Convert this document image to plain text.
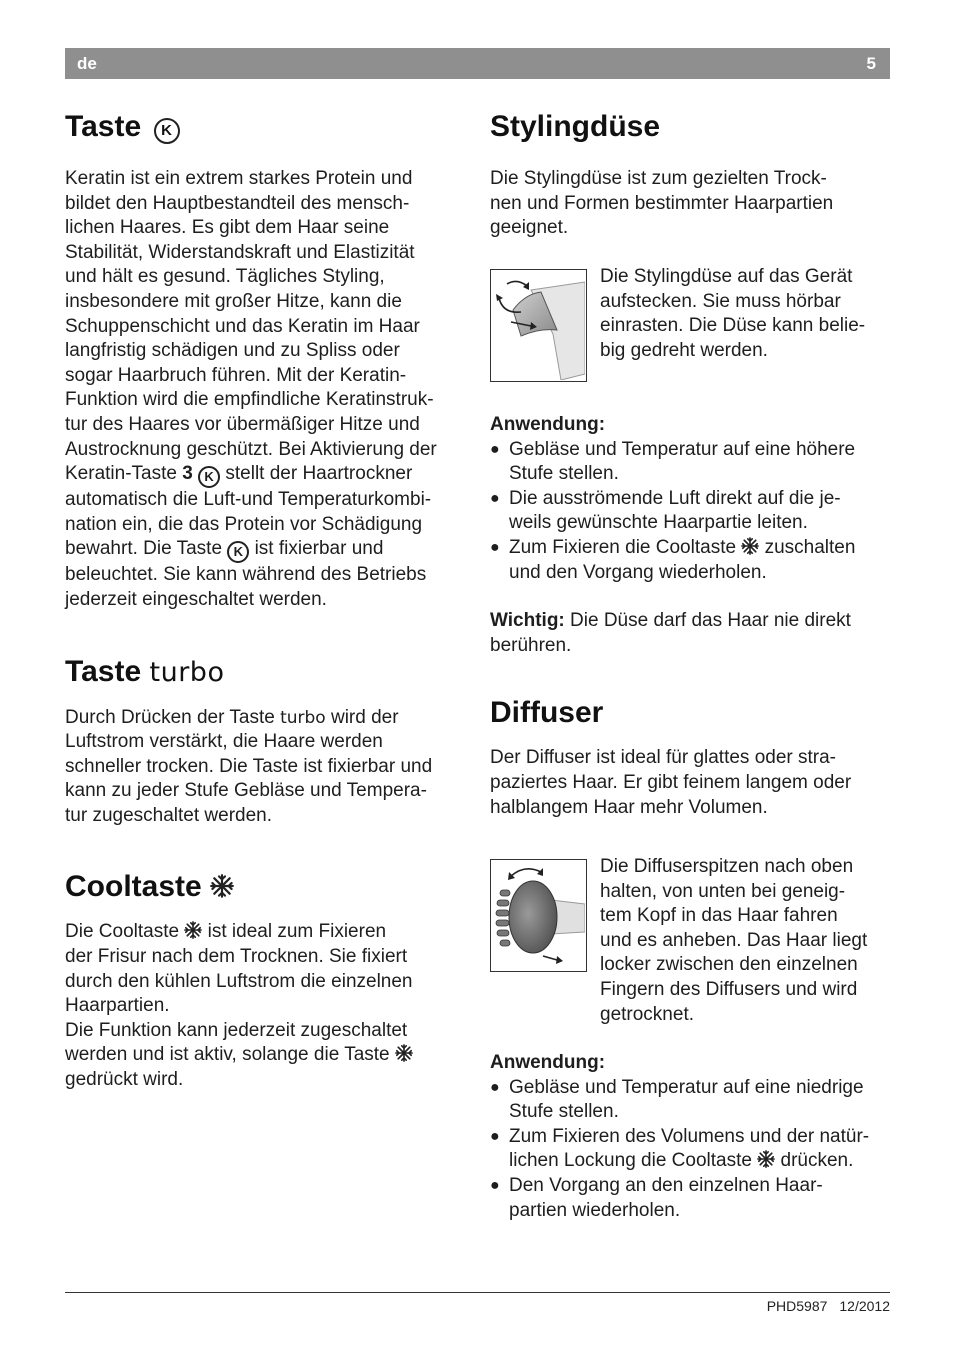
de	5
Taste K

Keratin ist ein extrem starkes Protein und
bildet den Hauptbestandteil des mensch-
lichen Haares. Es gibt dem Haar seine
Stabilität, Widerstandskraft und Elastizität
und hält es gesund. Tägliches Styling,
insbesondere mit großer Hitze, kann die
Schuppenschicht und das Keratin im Haar
langfristig schädigen und zu Spliss oder
sogar Haarbruch führen. Mit der Keratin-
Funktion wird die empfindliche Keratinstruk-
tur des Haares vor übermäßiger Hitze und
Austrocknung geschützt. Bei Aktivierung der
Keratin-Taste 3 K stellt der Haartrockner
automatisch die Luft-und Temperaturkombi-
nation ein, die das Protein vor Schädigung
bewahrt. Die Taste K ist fixierbar und
beleuchtet. Sie kann während des Betriebs
jederzeit eingeschaltet werden.

Taste turbo

Durch Drücken der Taste turbo wird der
Luftstrom verstärkt, die Haare werden
schneller trocken. Die Taste ist fixierbar und
kann zu jeder Stufe Gebläse und Tempera-
tur zugeschaltet werden.

Cooltaste

Die Cooltaste  ist ideal zum Fixieren
der Frisur nach dem Trocknen. Sie fixiert
durch den kühlen Luftstrom die einzelnen
Haarpartien.
Die Funktion kann jederzeit zugeschaltet
werden und ist aktiv, solange die Taste
gedrückt wird.

Stylingdüse

Die Stylingdüse ist zum gezielten Trock-
nen und Formen bestimmter Haarpartien
geeignet.

Die Stylingdüse auf das Gerät
aufstecken. Sie muss hörbar
einrasten. Die Düse kann belie-
big gedreht werden.

Anwendung:

● Gebläse und Temperatur auf eine höhere
Stufe stellen.
● Die ausströmende Luft direkt auf die je-
weils gewünschte Haarpartie leiten.
● Zum Fixieren die Cooltaste  zuschalten
und den Vorgang wiederholen.

Wichtig: Die Düse darf das Haar nie direkt
berühren.

Diffuser

Der Diffuser ist ideal für glattes oder stra-
paziertes Haar. Er gibt feinem langem oder
halblangem Haar mehr Volumen.

Die Diffuserspitzen nach oben
halten, von unten bei geneig-
tem Kopf in das Haar fahren
und es anheben. Das Haar liegt
locker zwischen den einzelnen
Fingern des Diffusers und wird
getrocknet.

Anwendung:

● Gebläse und Temperatur auf eine niedrige
Stufe stellen.
● Zum Fixieren des Volumens und der natür-
lichen Lockung die Cooltaste  drücken.
● Den Vorgang an den einzelnen Haar-
partien wiederholen.
PHD5987 12/2012
